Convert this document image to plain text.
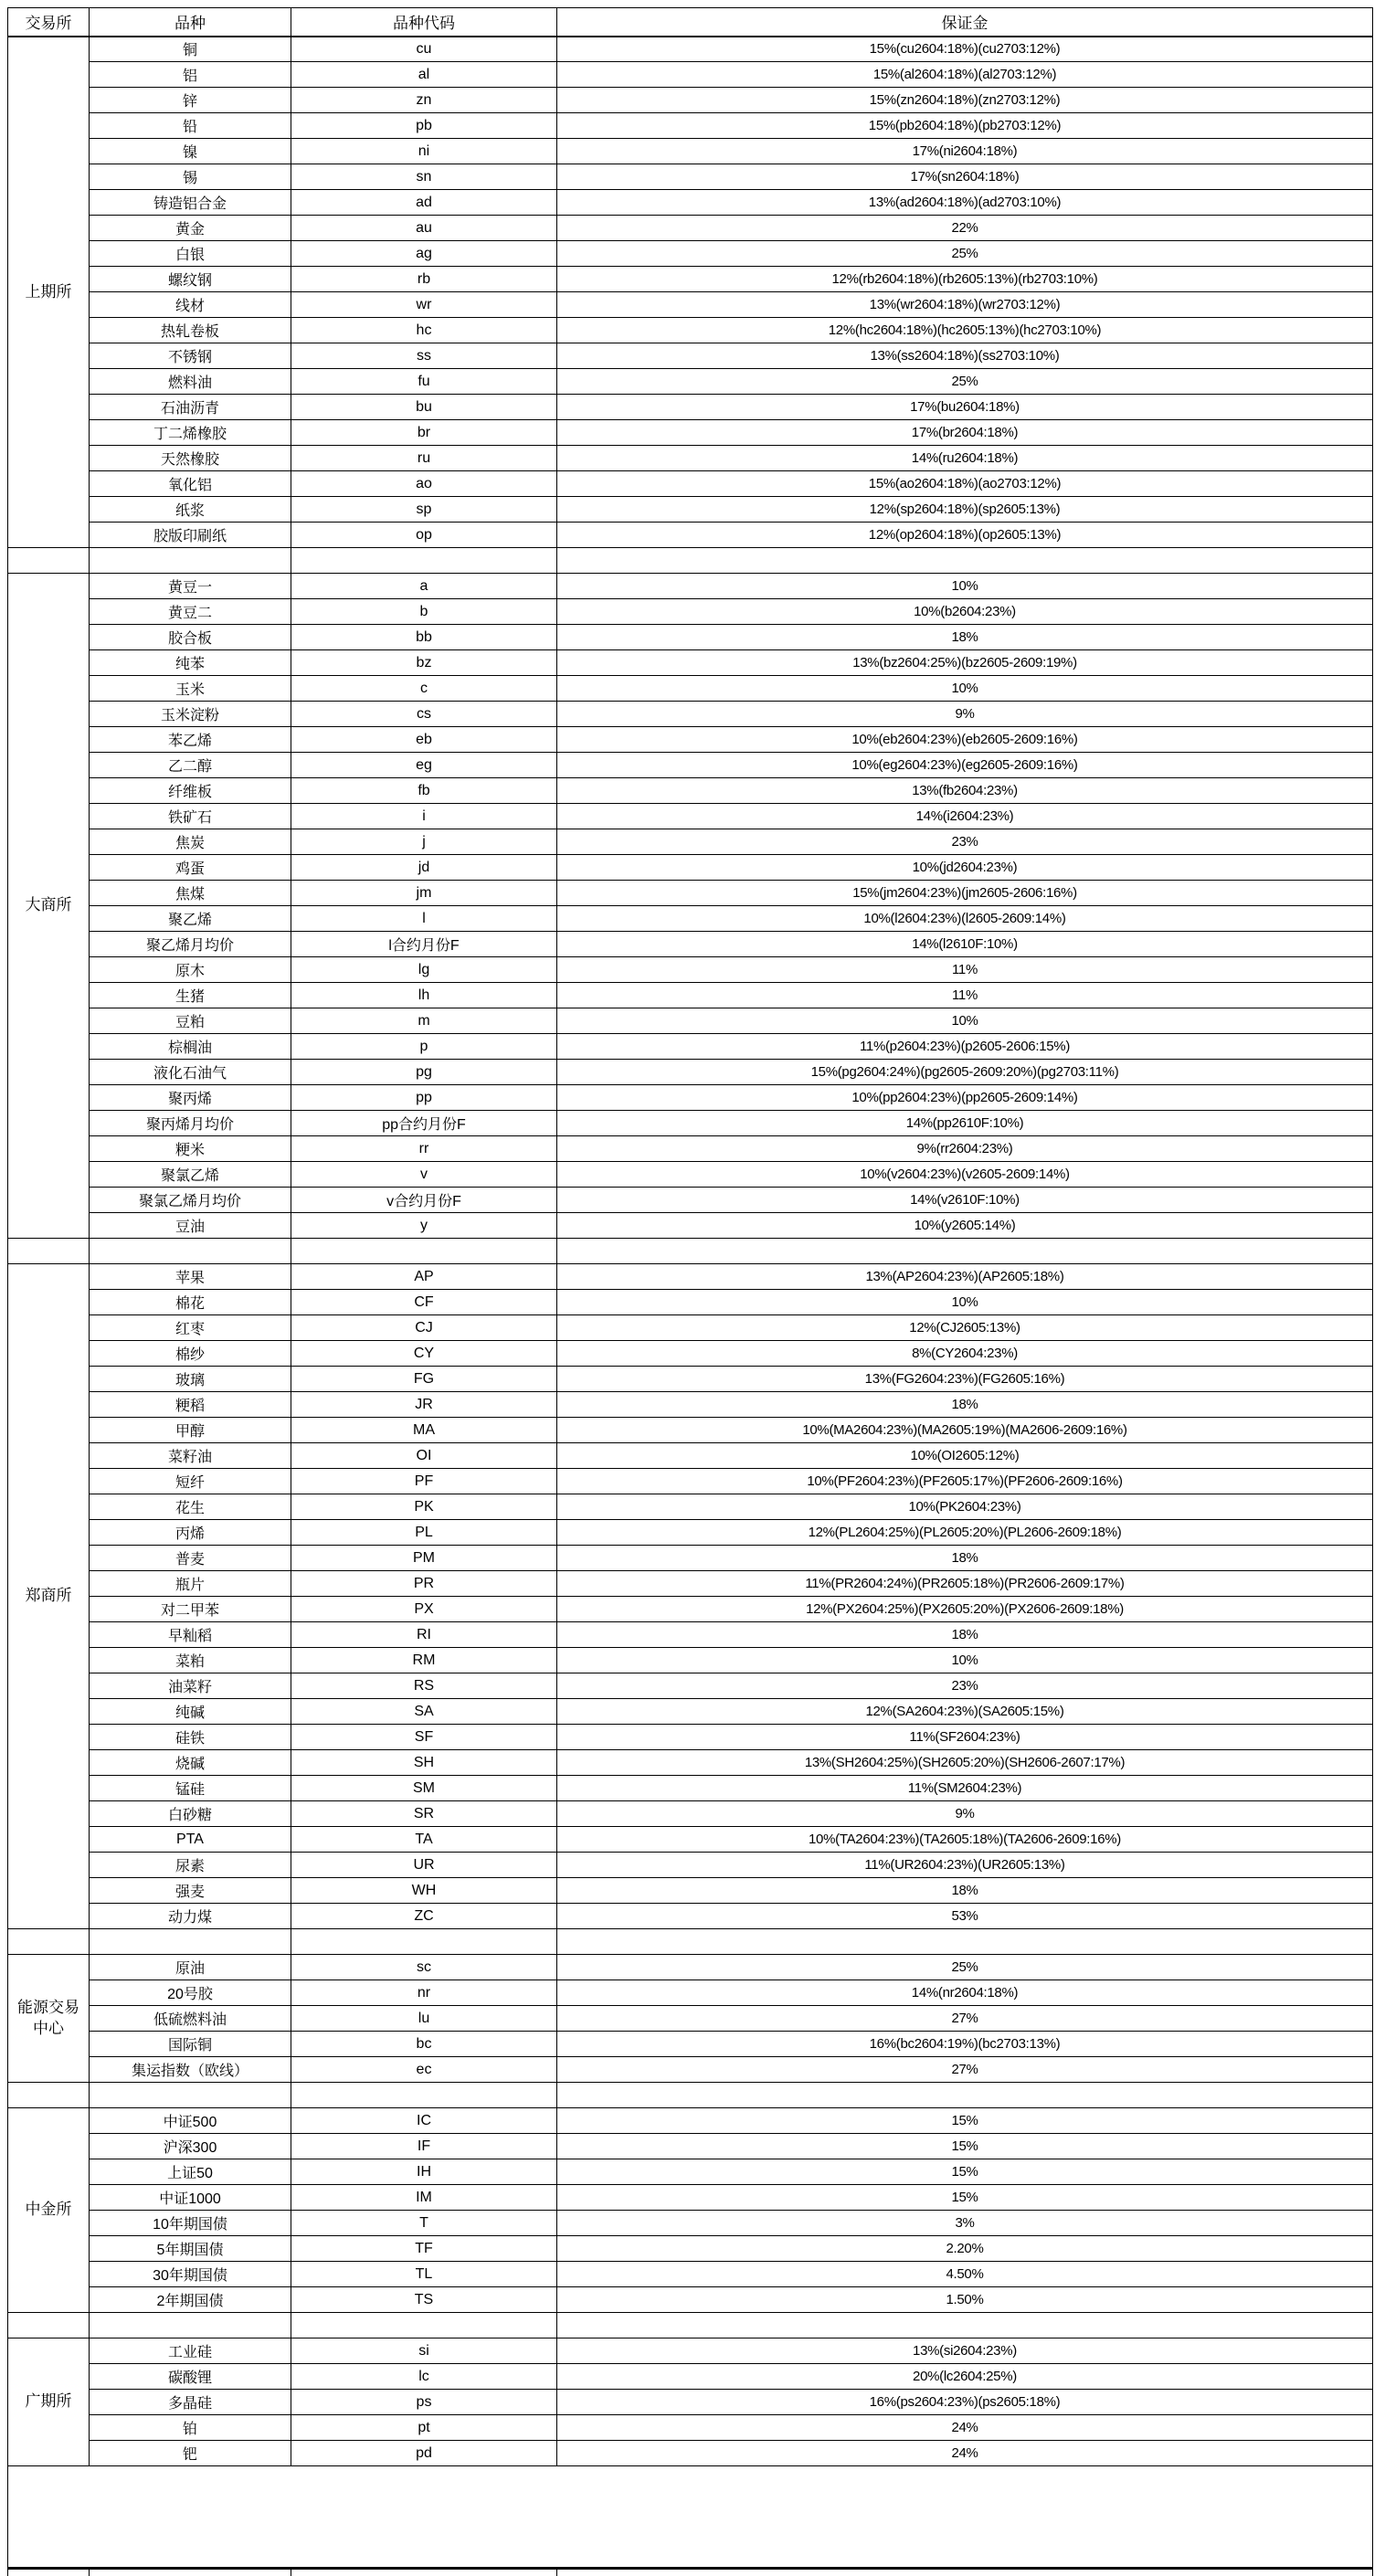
交易所	品种	品种代码	保证金
上期所	铜	cu	15%(cu2604:18%)(cu2703:12%)
	铝	al	15%(al2604:18%)(al2703:12%)
	锌	zn	15%(zn2604:18%)(zn2703:12%)
	铅	pb	15%(pb2604:18%)(pb2703:12%)
	镍	ni	17%(ni2604:18%)
	锡	sn	17%(sn2604:18%)
	铸造铝合金	ad	13%(ad2604:18%)(ad2703:10%)
	黄金	au	22%
	白银	ag	25%
	螺纹钢	rb	12%(rb2604:18%)(rb2605:13%)(rb2703:10%)
	线材	wr	13%(wr2604:18%)(wr2703:12%)
	热轧卷板	hc	12%(hc2604:18%)(hc2605:13%)(hc2703:10%)
	不锈钢	ss	13%(ss2604:18%)(ss2703:10%)
	燃料油	fu	25%
	石油沥青	bu	17%(bu2604:18%)
	丁二烯橡胶	br	17%(br2604:18%)
	天然橡胶	ru	14%(ru2604:18%)
	氧化铝	ao	15%(ao2604:18%)(ao2703:12%)
	纸浆	sp	12%(sp2604:18%)(sp2605:13%)
	胶版印刷纸	op	12%(op2604:18%)(op2605:13%)

大商所	黄豆一	a	10%
	黄豆二	b	10%(b2604:23%)
	胶合板	bb	18%
	纯苯	bz	13%(bz2604:25%)(bz2605-2609:19%)
	玉米	c	10%
	玉米淀粉	cs	9%
	苯乙烯	eb	10%(eb2604:23%)(eb2605-2609:16%)
	乙二醇	eg	10%(eg2604:23%)(eg2605-2609:16%)
	纤维板	fb	13%(fb2604:23%)
	铁矿石	i	14%(i2604:23%)
	焦炭	j	23%
	鸡蛋	jd	10%(jd2604:23%)
	焦煤	jm	15%(jm2604:23%)(jm2605-2606:16%)
	聚乙烯	l	10%(l2604:23%)(l2605-2609:14%)
	聚乙烯月均价	l合约月份F	14%(l2610F:10%)
	原木	lg	11%
	生猪	lh	11%
	豆粕	m	10%
	棕榈油	p	11%(p2604:23%)(p2605-2606:15%)
	液化石油气	pg	15%(pg2604:24%)(pg2605-2609:20%)(pg2703:11%)
	聚丙烯	pp	10%(pp2604:23%)(pp2605-2609:14%)
	聚丙烯月均价	pp合约月份F	14%(pp2610F:10%)
	粳米	rr	9%(rr2604:23%)
	聚氯乙烯	v	10%(v2604:23%)(v2605-2609:14%)
	聚氯乙烯月均价	v合约月份F	14%(v2610F:10%)
	豆油	y	10%(y2605:14%)

郑商所	苹果	AP	13%(AP2604:23%)(AP2605:18%)
	棉花	CF	10%
	红枣	CJ	12%(CJ2605:13%)
	棉纱	CY	8%(CY2604:23%)
	玻璃	FG	13%(FG2604:23%)(FG2605:16%)
	粳稻	JR	18%
	甲醇	MA	10%(MA2604:23%)(MA2605:19%)(MA2606-2609:16%)
	菜籽油	OI	10%(OI2605:12%)
	短纤	PF	10%(PF2604:23%)(PF2605:17%)(PF2606-2609:16%)
	花生	PK	10%(PK2604:23%)
	丙烯	PL	12%(PL2604:25%)(PL2605:20%)(PL2606-2609:18%)
	普麦	PM	18%
	瓶片	PR	11%(PR2604:24%)(PR2605:18%)(PR2606-2609:17%)
	对二甲苯	PX	12%(PX2604:25%)(PX2605:20%)(PX2606-2609:18%)
	早籼稻	RI	18%
	菜粕	RM	10%
	油菜籽	RS	23%
	纯碱	SA	12%(SA2604:23%)(SA2605:15%)
	硅铁	SF	11%(SF2604:23%)
	烧碱	SH	13%(SH2604:25%)(SH2605:20%)(SH2606-2607:17%)
	锰硅	SM	11%(SM2604:23%)
	白砂糖	SR	9%
	PTA	TA	10%(TA2604:23%)(TA2605:18%)(TA2606-2609:16%)
	尿素	UR	11%(UR2604:23%)(UR2605:13%)
	强麦	WH	18%
	动力煤	ZC	53%

能源交易中心	原油	sc	25%
	20号胶	nr	14%(nr2604:18%)
	低硫燃料油	lu	27%
	国际铜	bc	16%(bc2604:19%)(bc2703:13%)
	集运指数（欧线）	ec	27%

中金所	中证500	IC	15%
	沪深300	IF	15%
	上证50	IH	15%
	中证1000	IM	15%
	10年期国债	T	3%
	5年期国债	TF	2.20%
	30年期国债	TL	4.50%
	2年期国债	TS	1.50%

广期所	工业硅	si	13%(si2604:23%)
	碳酸锂	lc	20%(lc2604:25%)
	多晶硅	ps	16%(ps2604:23%)(ps2605:18%)
	铂	pt	24%
	钯	pd	24%
